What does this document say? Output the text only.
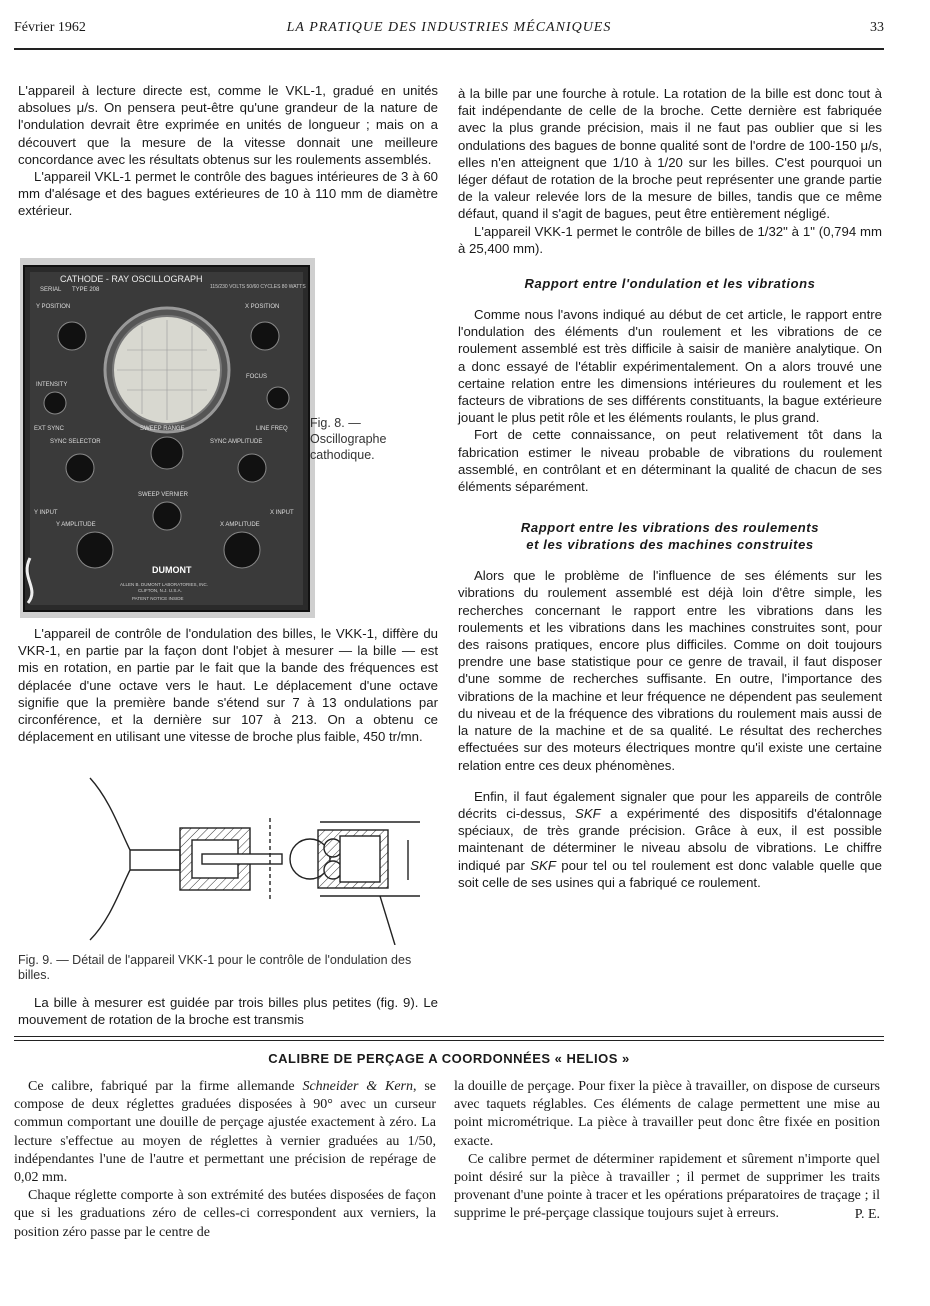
Février 1962	LA PRATIQUE DES INDUSTRIES MÉCANIQUES	33

L'appareil à lecture directe est, comme le VKL-1, gradué en unités absolues μ/s. On pensera peut-être qu'une grandeur de la nature de l'ondulation devrait être exprimée en unités de longueur ; mais on a découvert que la mesure de la vitesse donnait une meilleure concordance avec les résultats obtenus sur les roulements assemblés.

L'appareil VKL-1 permet le contrôle des bagues intérieures de 3 à 60 mm d'alésage et des bagues extérieures de 10 à 110 mm de diamètre extérieur.

CATHODE - RAY OSCILLOGRAPH
TYPE 208
SERIAL	115/230 VOLTS 50/60 CYCLES 80 WATTS
Y POSITION	X POSITION
INTENSITY
FOCUS
EXT SYNC	SWEEP RANGE	LINE FREQ
SYNC SELECTOR	SYNC AMPLITUDE
SWEEP VERNIER
Y INPUT	X INPUT
Y AMPLITUDE	X AMPLITUDE
DUMONT
ALLEN B. DUMONT LABORATORIES, INC.
CLIFTON, N.J. U.S.A.
PATENT NOTICE INSIDE
Fig. 8. — Oscillographe cathodique.

L'appareil de contrôle de l'ondulation des billes, le VKK-1, diffère du VKR-1, en partie par la façon dont l'objet à mesurer — la bille — est mis en rotation, en partie par le fait que la bande des fréquences est déplacée d'une octave vers le haut. Le déplacement d'une octave signifie que la première bande s'étend sur 7 à 13 ondulations par circonférence, et la dernière sur 107 à 213. On a obtenu ce déplacement en utilisant une vitesse de broche plus faible, 450 tr/mn.

Fig. 9. — Détail de l'appareil VKK-1 pour le contrôle de l'ondulation des billes.

La bille à mesurer est guidée par trois billes plus petites (fig. 9). Le mouvement de rotation de la broche est transmis

à la bille par une fourche à rotule. La rotation de la bille est donc tout à fait indépendante de celle de la broche. Cette dernière est fabriquée avec la plus grande précision, mais il ne faut pas oublier que si les ondulations des bagues de bonne qualité sont de l'ordre de 100-150 μ/s, elles n'en atteignent que 1/10 à 1/20 sur les billes. C'est pourquoi un léger défaut de rotation de la broche peut représenter une grande partie de la valeur relevée lors de la mesure de billes, tandis que ce même défaut, quand il s'agit de bagues, peut être entièrement négligé.

L'appareil VKK-1 permet le contrôle de billes de 1/32" à 1" (0,794 mm à 25,400 mm).

Rapport entre l'ondulation et les vibrations

Comme nous l'avons indiqué au début de cet article, le rapport entre l'ondulation des éléments d'un roulement et les vibrations de ce roulement assemblé est très difficile à saisir de manière analytique. On a donc essayé de l'établir expérimentalement. On a alors trouvé une certaine relation entre les dimensions intérieures du roulement et les facteurs de vibrations de ses différents constituants, la bague extérieure jouant le plus petit rôle et les éléments roulants, le plus grand.

Fort de cette connaissance, on peut relativement tôt dans la fabrication estimer le niveau probable de vibrations du roulement assemblé, en contrôlant et en déterminant la qualité de chacun de ses éléments séparément.

Rapport entre les vibrations des roulements

et les vibrations des machines construites

Alors que le problème de l'influence de ses éléments sur les vibrations du roulement assemblé est déjà loin d'être simple, les recherches concernant le rapport entre les vibrations dans les roulements et les vibrations dans les machines construites sont, pour des raisons pratiques, encore plus difficiles. Comme on doit toujours prendre une base statistique pour ce genre de travail, il faut disposer d'une somme de recherches suffisante. En outre, l'importance des vibrations de la machine et leur fréquence ne dépendent pas seulement du niveau et de la fréquence des vibrations du roulement mais aussi de la nature de la machine et de sa qualité. Le résultat des recherches effectuées sur des moteurs électriques montre qu'il existe une certaine relation entre ces deux phénomènes.

Enfin, il faut également signaler que pour les appareils de contrôle décrits ci-dessus, SKF a expérimenté des dispositifs d'étalonnage spéciaux, de très grande précision. Grâce à eux, il est possible maintenant de déterminer le niveau absolu de vibrations. Le chiffre indiqué par SKF pour tel ou tel roulement est donc valable quelle que soit celle de ses usines qui a fabriqué ce roulement.

CALIBRE DE PERÇAGE A COORDONNÉES « HELIOS »

Ce calibre, fabriqué par la firme allemande Schneider & Kern, se compose de deux réglettes graduées disposées à 90° avec un curseur commun comportant une douille de perçage ajustée exactement à zéro. La lecture s'effectue au moyen de réglettes à vernier graduées au 1/50, indépendantes l'une de l'autre et permettant une précision de repérage de 0,02 mm.

Chaque réglette comporte à son extrémité des butées disposées de façon que si les graduations zéro de celles-ci correspondent aux verniers, la position zéro passe par le centre de

la douille de perçage. Pour fixer la pièce à travailler, on dispose de curseurs avec taquets réglables. Ces éléments de calage permettent une mise au point micrométrique. La pièce à travailler peut donc être fixée en position exacte.

Ce calibre permet de déterminer rapidement et sûrement n'importe quel point désiré sur la pièce à travailler ; il permet de supprimer les traits provenant d'une pointe à tracer et les opérations préparatoires de traçage ; il supprime le pré-perçage classique toujours sujet à erreurs.	P. E.
